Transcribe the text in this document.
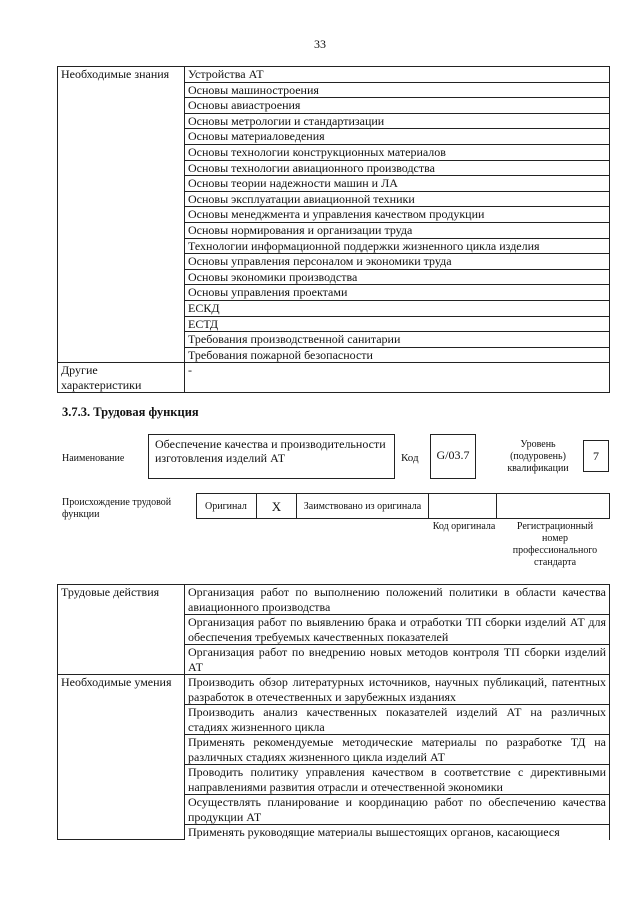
33
Необходимые знания	Устройства АТ
	Основы машиностроения
	Основы авиастроения
	Основы метрологии и стандартизации
	Основы материаловедения
	Основы технологии конструкционных материалов
	Основы технологии авиационного производства
	Основы теории надежности машин и ЛА
	Основы эксплуатации авиационной техники
	Основы менеджмента и управления качеством продукции
	Основы нормирования и организации труда
	Технологии информационной поддержки жизненного цикла изделия
	Основы управления персоналом и экономики труда
	Основы экономики производства
	Основы управления проектами
	ЕСКД
	ЕСТД
	Требования производственной санитарии
	Требования пожарной безопасности
Другие характеристики	-
3.7.3. Трудовая функция
Наименование
Обеспечение качества и производительности изготовления изделий АТ	Код	G/03.7
Уровень (подуровень) квалификации
7
Происхождение трудовой функции
Оригинал	X	Заимствовано из оригинала		
Код оригинала	Регистрационный номер профессионального стандарта
Трудовые действия	Организация работ по выполнению положений политики в области качества авиационного производства
	Организация работ по выявлению брака и отработки ТП сборки изделий АТ для обеспечения требуемых качественных показателей
	Организация работ по внедрению новых методов контроля ТП сборки изделий АТ
Необходимые умения	Производить обзор литературных источников, научных публикаций, патентных разработок в отечественных и зарубежных изданиях
	Производить анализ качественных показателей изделий АТ на различных стадиях жизненного цикла
	Применять рекомендуемые методические материалы по разработке ТД на различных стадиях жизненного цикла изделий АТ
	Проводить политику управления качеством в соответствие с директивными направлениями развития отрасли и отечественной экономики
	Осуществлять планирование и координацию работ по обеспечению качества продукции АТ
	Применять руководящие материалы вышестоящих органов, касающиеся
